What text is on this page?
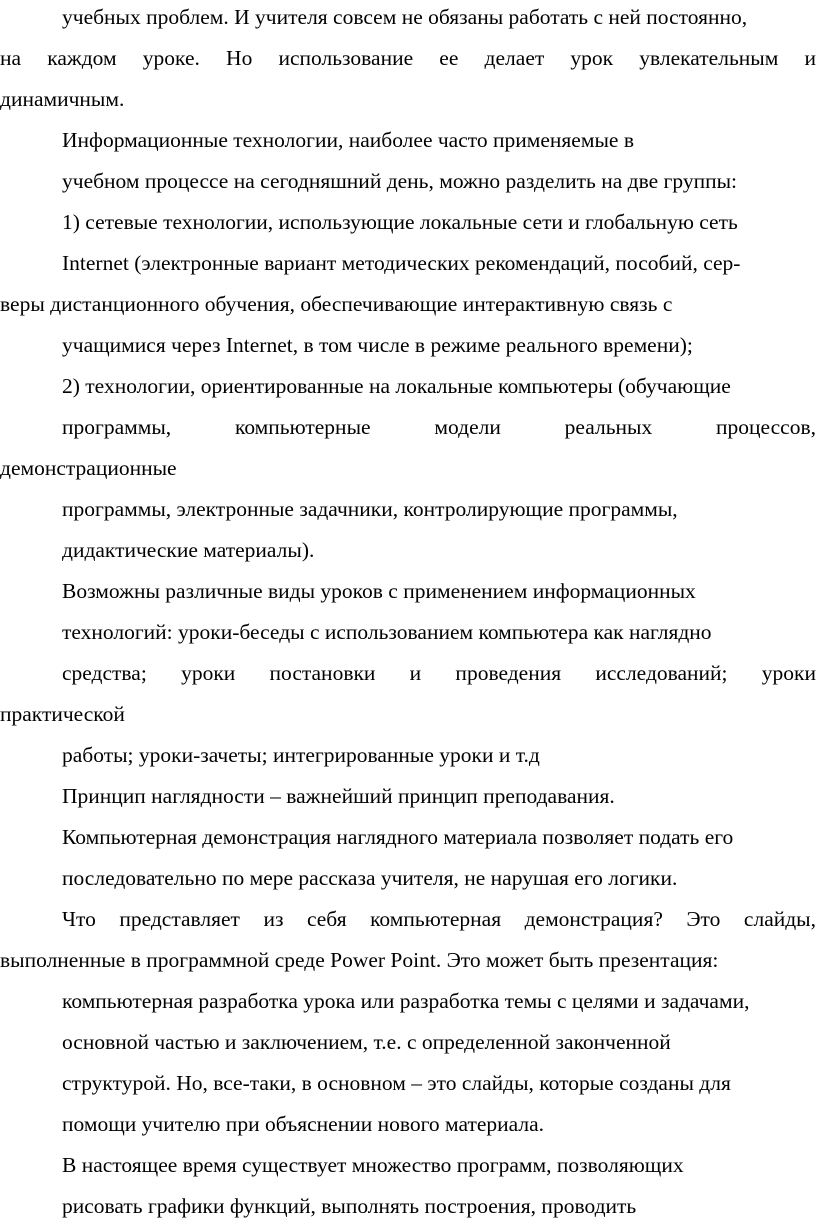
учебных проблем. И учителя совсем не обязаны работать с ней постоянно,
на каждом уроке. Но использование ее делает урок увлекательным и
динамичным.
Информационные технологии, наиболее часто применяемые в
учебном процессе на сегодняшний день, можно разделить на две группы:
1) сетевые технологии, использующие локальные сети и глобальную сеть
Internet (электронные вариант методических рекомендаций, пособий, сер-
веры дистанционного обучения, обеспечивающие интерактивную связь с
учащимися через Internet, в том числе в режиме реального времени);
2) технологии, ориентированные на локальные компьютеры (обучающие
программы, компьютерные модели реальных процессов,
демонстрационные
программы, электронные задачники, контролирующие программы,
дидактические материалы).
Возможны различные виды уроков с применением информационных
технологий: уроки-беседы с использованием компьютера как наглядно
средства; уроки постановки и проведения исследований; уроки
практической
работы; уроки-зачеты; интегрированные уроки и т.д
Принцип наглядности – важнейший принцип преподавания.
Компьютерная демонстрация наглядного материала позволяет подать его
последовательно по мере рассказа учителя, не нарушая его логики.
Что представляет из себя компьютерная демонстрация? Это слайды,
выполненные в программной среде Power Point. Это может быть презентация:
компьютерная разработка урока или разработка темы с целями и задачами,
основной частью и заключением, т.е. с определенной законченной
структурой. Но, все-таки, в основном – это слайды, которые созданы для
помощи учителю при объяснении нового материала.
В настоящее время существует множество программ, позволяющих
рисовать графики функций, выполнять построения, проводить
